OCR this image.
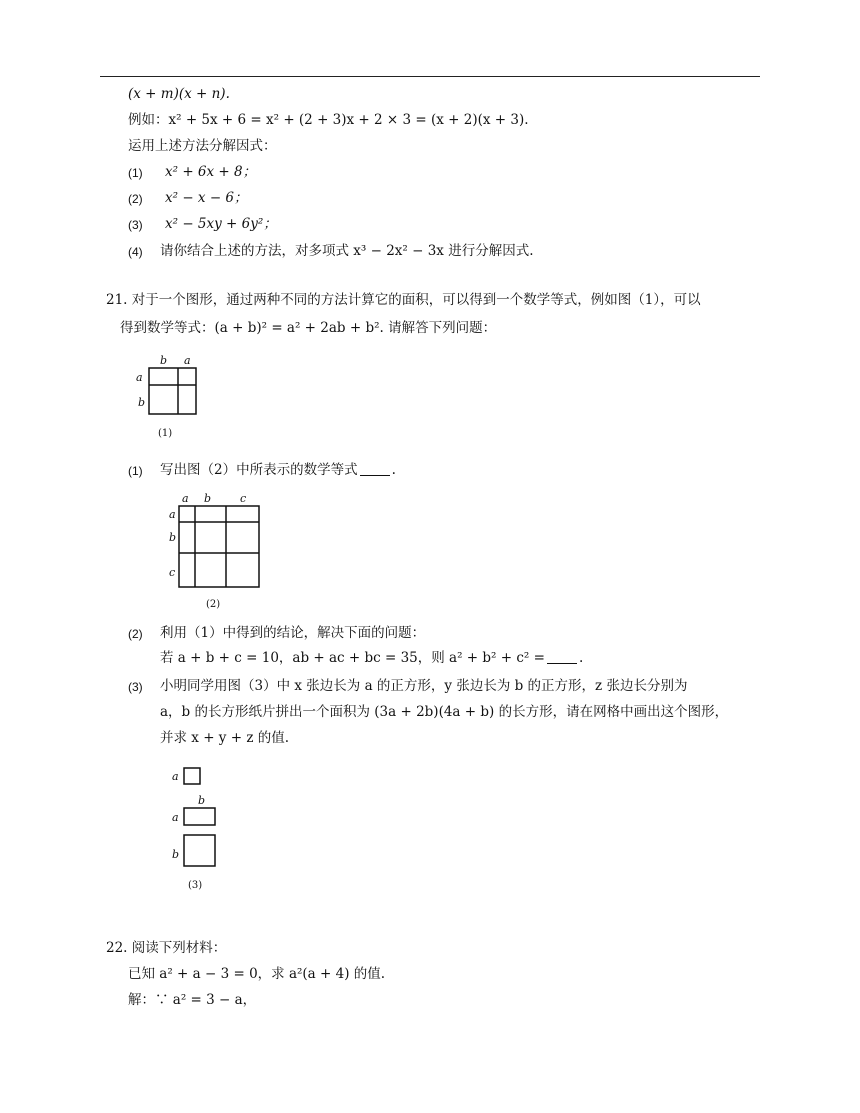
(x + m)(x + n).
例如：x² + 5x + 6 = x² + (2 + 3)x + 2 × 3 = (x + 2)(x + 3).
运用上述方法分解因式：
(1) x² + 6x + 8；
(2) x² − x − 6；
(3) x² − 5xy + 6y²；
(4) 请你结合上述的方法，对多项式 x³ − 2x² − 3x 进行分解因式.
21. 对于一个图形，通过两种不同的方法计算它的面积，可以得到一个数学等式，例如图（1），可以
得到数学等式：(a + b)² = a² + 2ab + b². 请解答下列问题：
b a
a
b
(1)
(1) 写出图（2）中所表示的数学等式	.
a b	c
a
b
c
(2)
(2) 利用（1）中得到的结论，解决下面的问题：
若 a + b + c = 10，ab + ac + bc = 35，则 a² + b² + c² =	.
(3) 小明同学用图（3）中 x 张边长为 a 的正方形，y 张边长为 b 的正方形，z 张边长分别为
a，b 的长方形纸片拼出一个面积为 (3a + 2b)(4a + b) 的长方形，请在网格中画出这个图形，
并求 x + y + z 的值.
a
b
a
b
(3)
22. 阅读下列材料：
已知 a² + a − 3 = 0，求 a²(a + 4) 的值.
解：∵ a² = 3 − a，
